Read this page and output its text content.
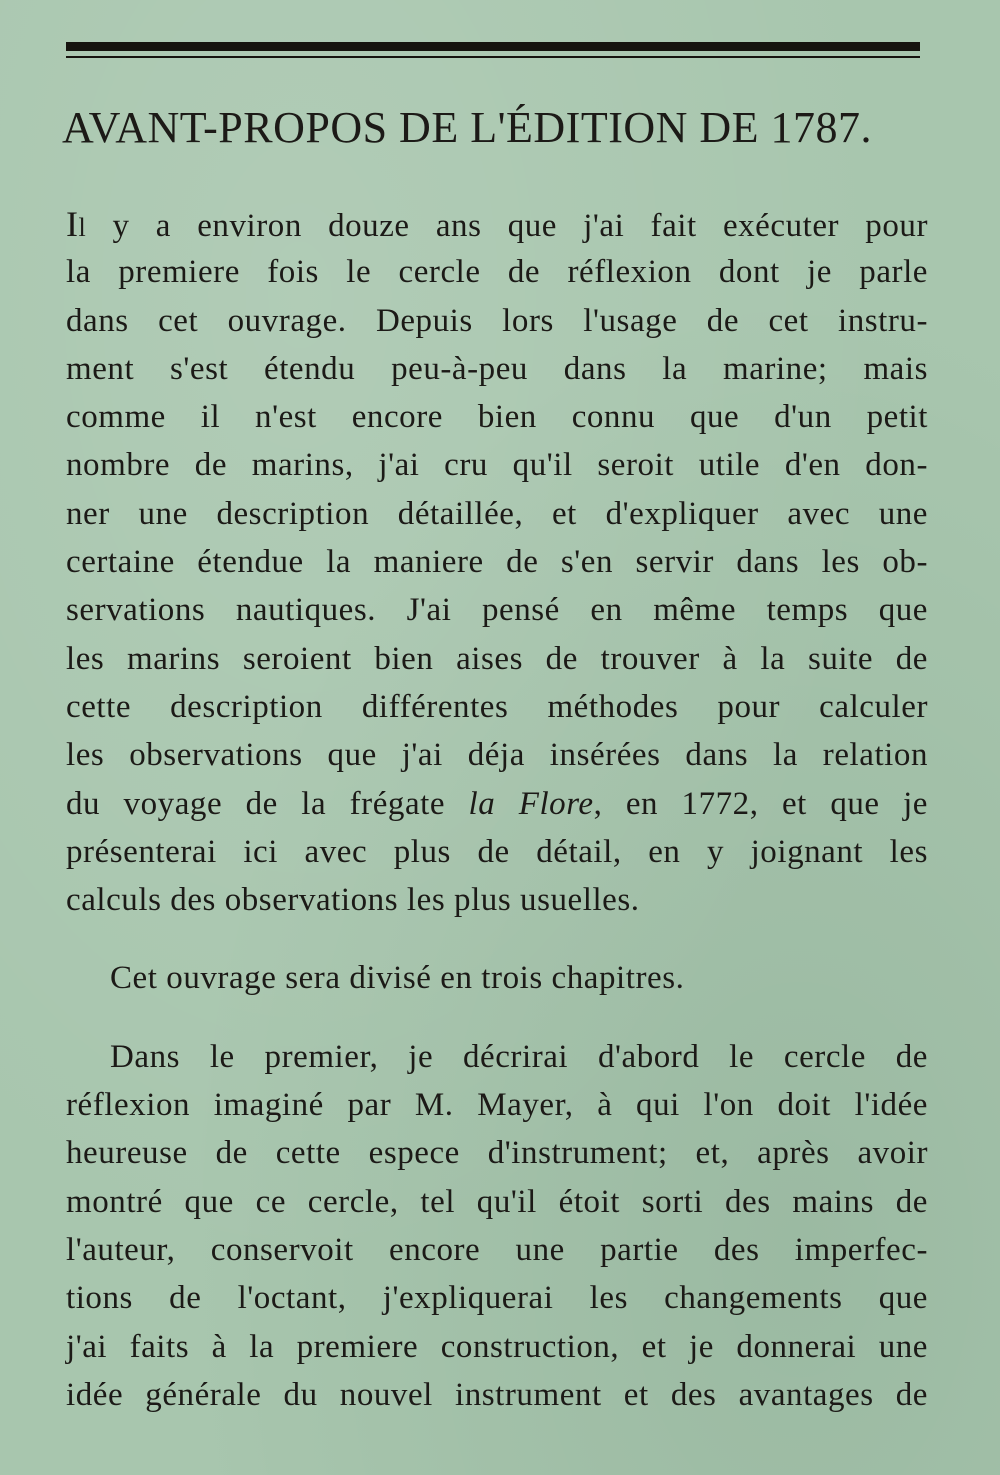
AVANT-PROPOS DE L'ÉDITION DE 1787.
Il y a environ douze ans que j'ai fait exécuter pour
la premiere fois le cercle de réflexion dont je parle
dans cet ouvrage. Depuis lors l'usage de cet instru-
ment s'est étendu peu-à-peu dans la marine; mais
comme il n'est encore bien connu que d'un petit
nombre de marins, j'ai cru qu'il seroit utile d'en don-
ner une description détaillée, et d'expliquer avec une
certaine étendue la maniere de s'en servir dans les ob-
servations nautiques. J'ai pensé en même temps que
les marins seroient bien aises de trouver à la suite de
cette description différentes méthodes pour calculer
les observations que j'ai déja insérées dans la relation
du voyage de la frégate la Flore, en 1772, et que je
présenterai ici avec plus de détail, en y joignant les
calculs des observations les plus usuelles.
Cet ouvrage sera divisé en trois chapitres.
Dans le premier, je décrirai d'abord le cercle de
réflexion imaginé par M. Mayer, à qui l'on doit l'idée
heureuse de cette espece d'instrument; et, après avoir
montré que ce cercle, tel qu'il étoit sorti des mains de
l'auteur, conservoit encore une partie des imperfec-
tions de l'octant, j'expliquerai les changements que
j'ai faits à la premiere construction, et je donnerai une
idée générale du nouvel instrument et des avantages de
